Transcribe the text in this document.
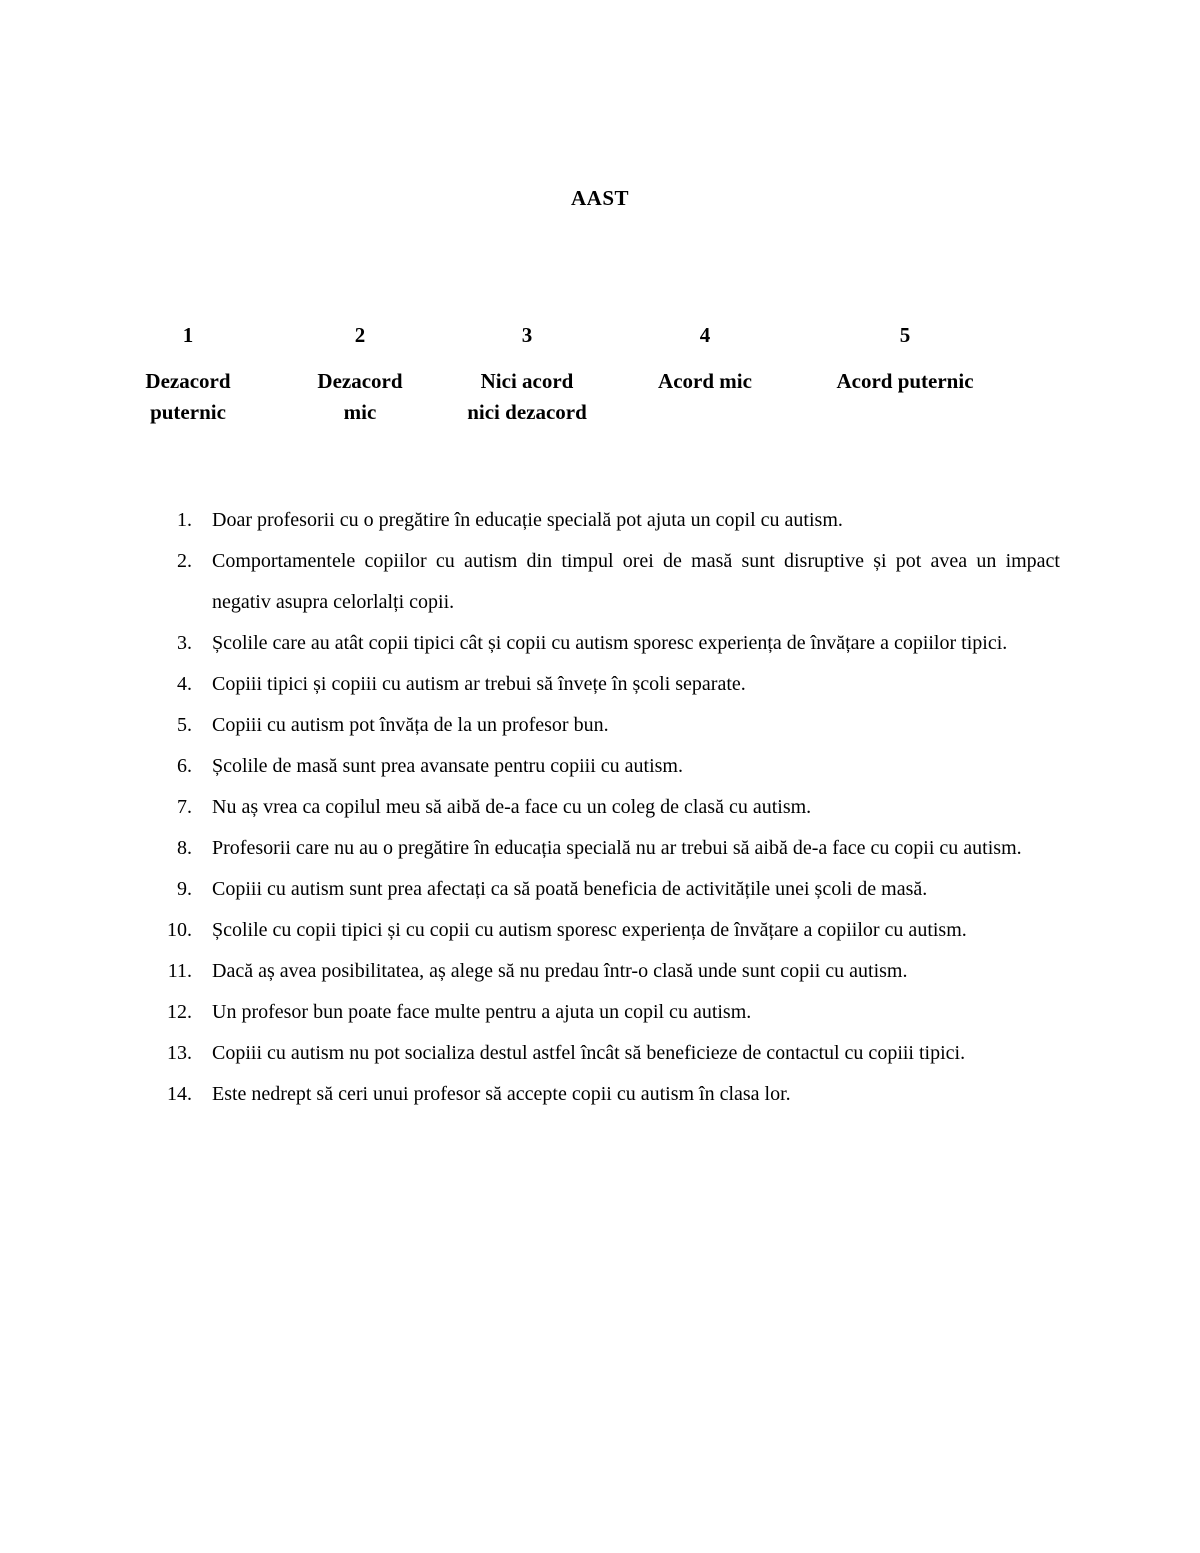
AAST
1
Dezacord
puternic
2
Dezacord
mic
3
Nici acord
nici dezacord
4
Acord mic
5
Acord puternic
1. Doar profesorii cu o pregătire în educație specială pot ajuta un copil cu autism.
2. Comportamentele copiilor cu autism din timpul orei de masă sunt disruptive și pot avea un impact negativ asupra celorlalți copii.
3. Școlile care au atât copii tipici cât și copii cu autism sporesc experiența de învățare a copiilor tipici.
4. Copiii tipici și copiii cu autism ar trebui să învețe în școli separate.
5. Copiii cu autism pot învăța de la un profesor bun.
6. Școlile de masă sunt prea avansate pentru copiii cu autism.
7. Nu aș vrea ca copilul meu să aibă de-a face cu un coleg de clasă cu autism.
8. Profesorii care nu au o pregătire în educația specială nu ar trebui să aibă de-a face cu copii cu autism.
9. Copiii cu autism sunt prea afectați ca să poată beneficia de activitățile unei școli de masă.
10. Școlile cu copii tipici și cu copii cu autism sporesc experiența de învățare a copiilor cu autism.
11. Dacă aș avea posibilitatea, aș alege să nu predau într-o clasă unde sunt copii cu autism.
12. Un profesor bun poate face multe pentru a ajuta un copil cu autism.
13. Copiii cu autism nu pot socializa destul astfel încât să beneficieze de contactul cu copiii tipici.
14. Este nedrept să ceri unui profesor să accepte copii cu autism în clasa lor.
